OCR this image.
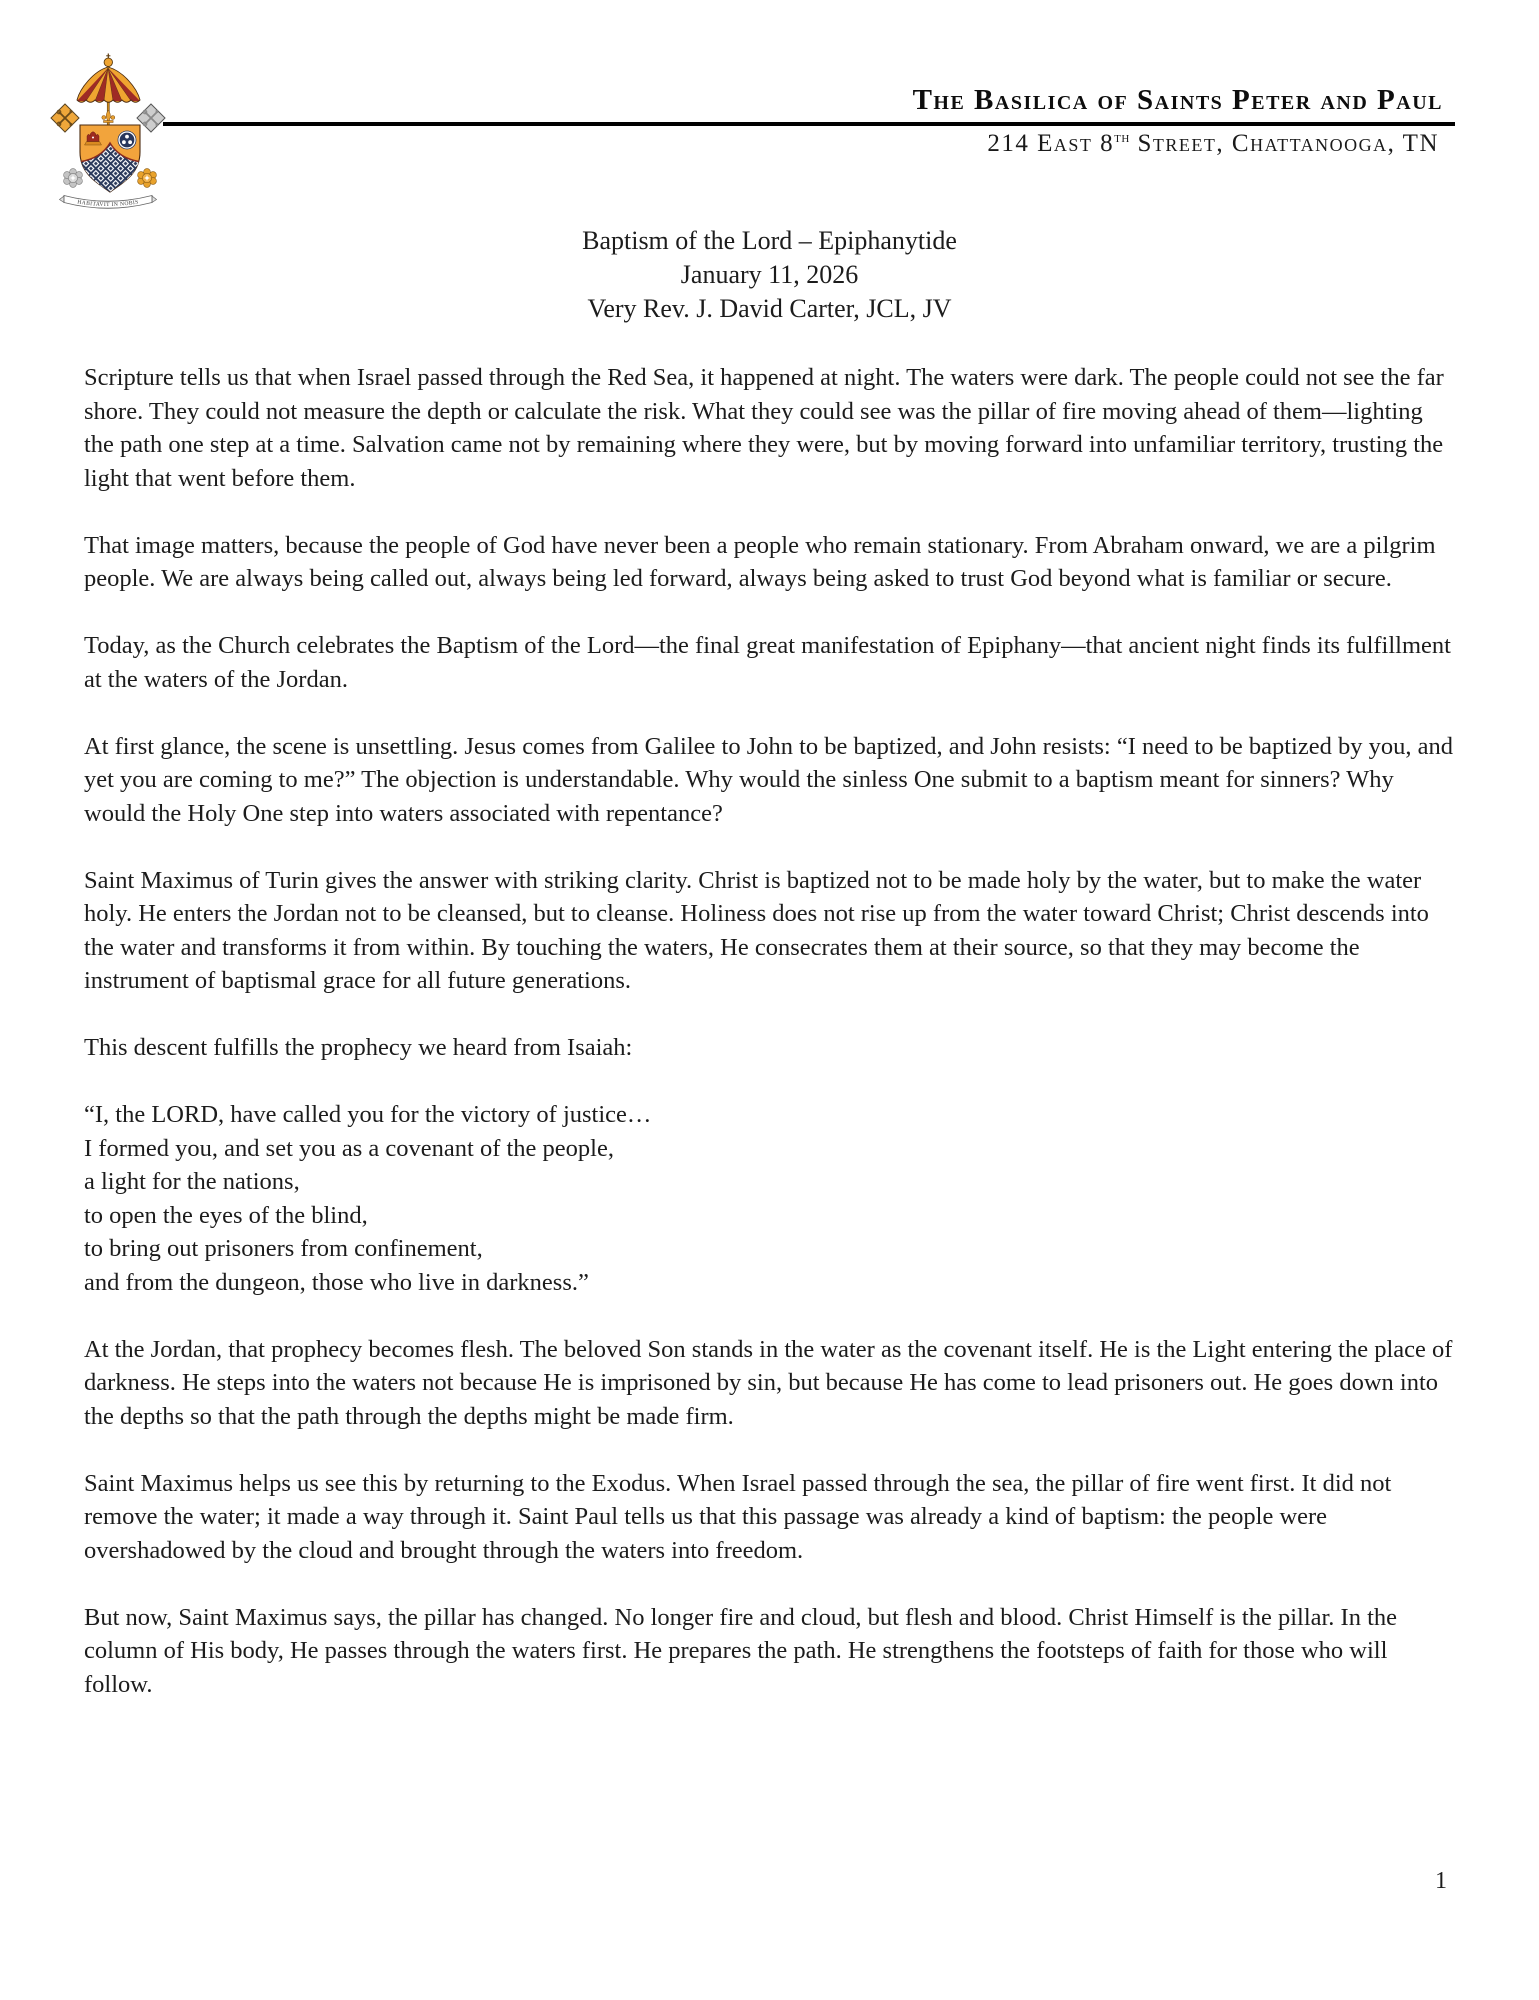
HABITAVIT IN NOBIS
The Basilica of Saints Peter and Paul
214 East 8th Street, Chattanooga, TN
Baptism of the Lord – Epiphanytide
January 11, 2026
Very Rev. J. David Carter, JCL, JV
Scripture tells us that when Israel passed through the Red Sea, it happened at night. The waters were dark. The people could not see the far shore. They could not measure the depth or calculate the risk. What they could see was the pillar of fire moving ahead of them—lighting the path one step at a time. Salvation came not by remaining where they were, but by moving forward into unfamiliar territory, trusting the light that went before them.
That image matters, because the people of God have never been a people who remain stationary. From Abraham onward, we are a pilgrim people. We are always being called out, always being led forward, always being asked to trust God beyond what is familiar or secure.
Today, as the Church celebrates the Baptism of the Lord—the final great manifestation of Epiphany—that ancient night finds its fulfillment at the waters of the Jordan.
At first glance, the scene is unsettling. Jesus comes from Galilee to John to be baptized, and John resists: “I need to be baptized by you, and yet you are coming to me?” The objection is understandable. Why would the sinless One submit to a baptism meant for sinners? Why would the Holy One step into waters associated with repentance?
Saint Maximus of Turin gives the answer with striking clarity. Christ is baptized not to be made holy by the water, but to make the water holy. He enters the Jordan not to be cleansed, but to cleanse. Holiness does not rise up from the water toward Christ; Christ descends into the water and transforms it from within. By touching the waters, He consecrates them at their source, so that they may become the instrument of baptismal grace for all future generations.
This descent fulfills the prophecy we heard from Isaiah:
“I, the LORD, have called you for the victory of justice…
I formed you, and set you as a covenant of the people,
a light for the nations,
to open the eyes of the blind,
to bring out prisoners from confinement,
and from the dungeon, those who live in darkness.”
At the Jordan, that prophecy becomes flesh. The beloved Son stands in the water as the covenant itself. He is the Light entering the place of darkness. He steps into the waters not because He is imprisoned by sin, but because He has come to lead prisoners out. He goes down into the depths so that the path through the depths might be made firm.
Saint Maximus helps us see this by returning to the Exodus. When Israel passed through the sea, the pillar of fire went first. It did not remove the water; it made a way through it. Saint Paul tells us that this passage was already a kind of baptism: the people were overshadowed by the cloud and brought through the waters into freedom.
But now, Saint Maximus says, the pillar has changed. No longer fire and cloud, but flesh and blood. Christ Himself is the pillar. In the column of His body, He passes through the waters first. He prepares the path. He strengthens the footsteps of faith for those who will follow.
1
